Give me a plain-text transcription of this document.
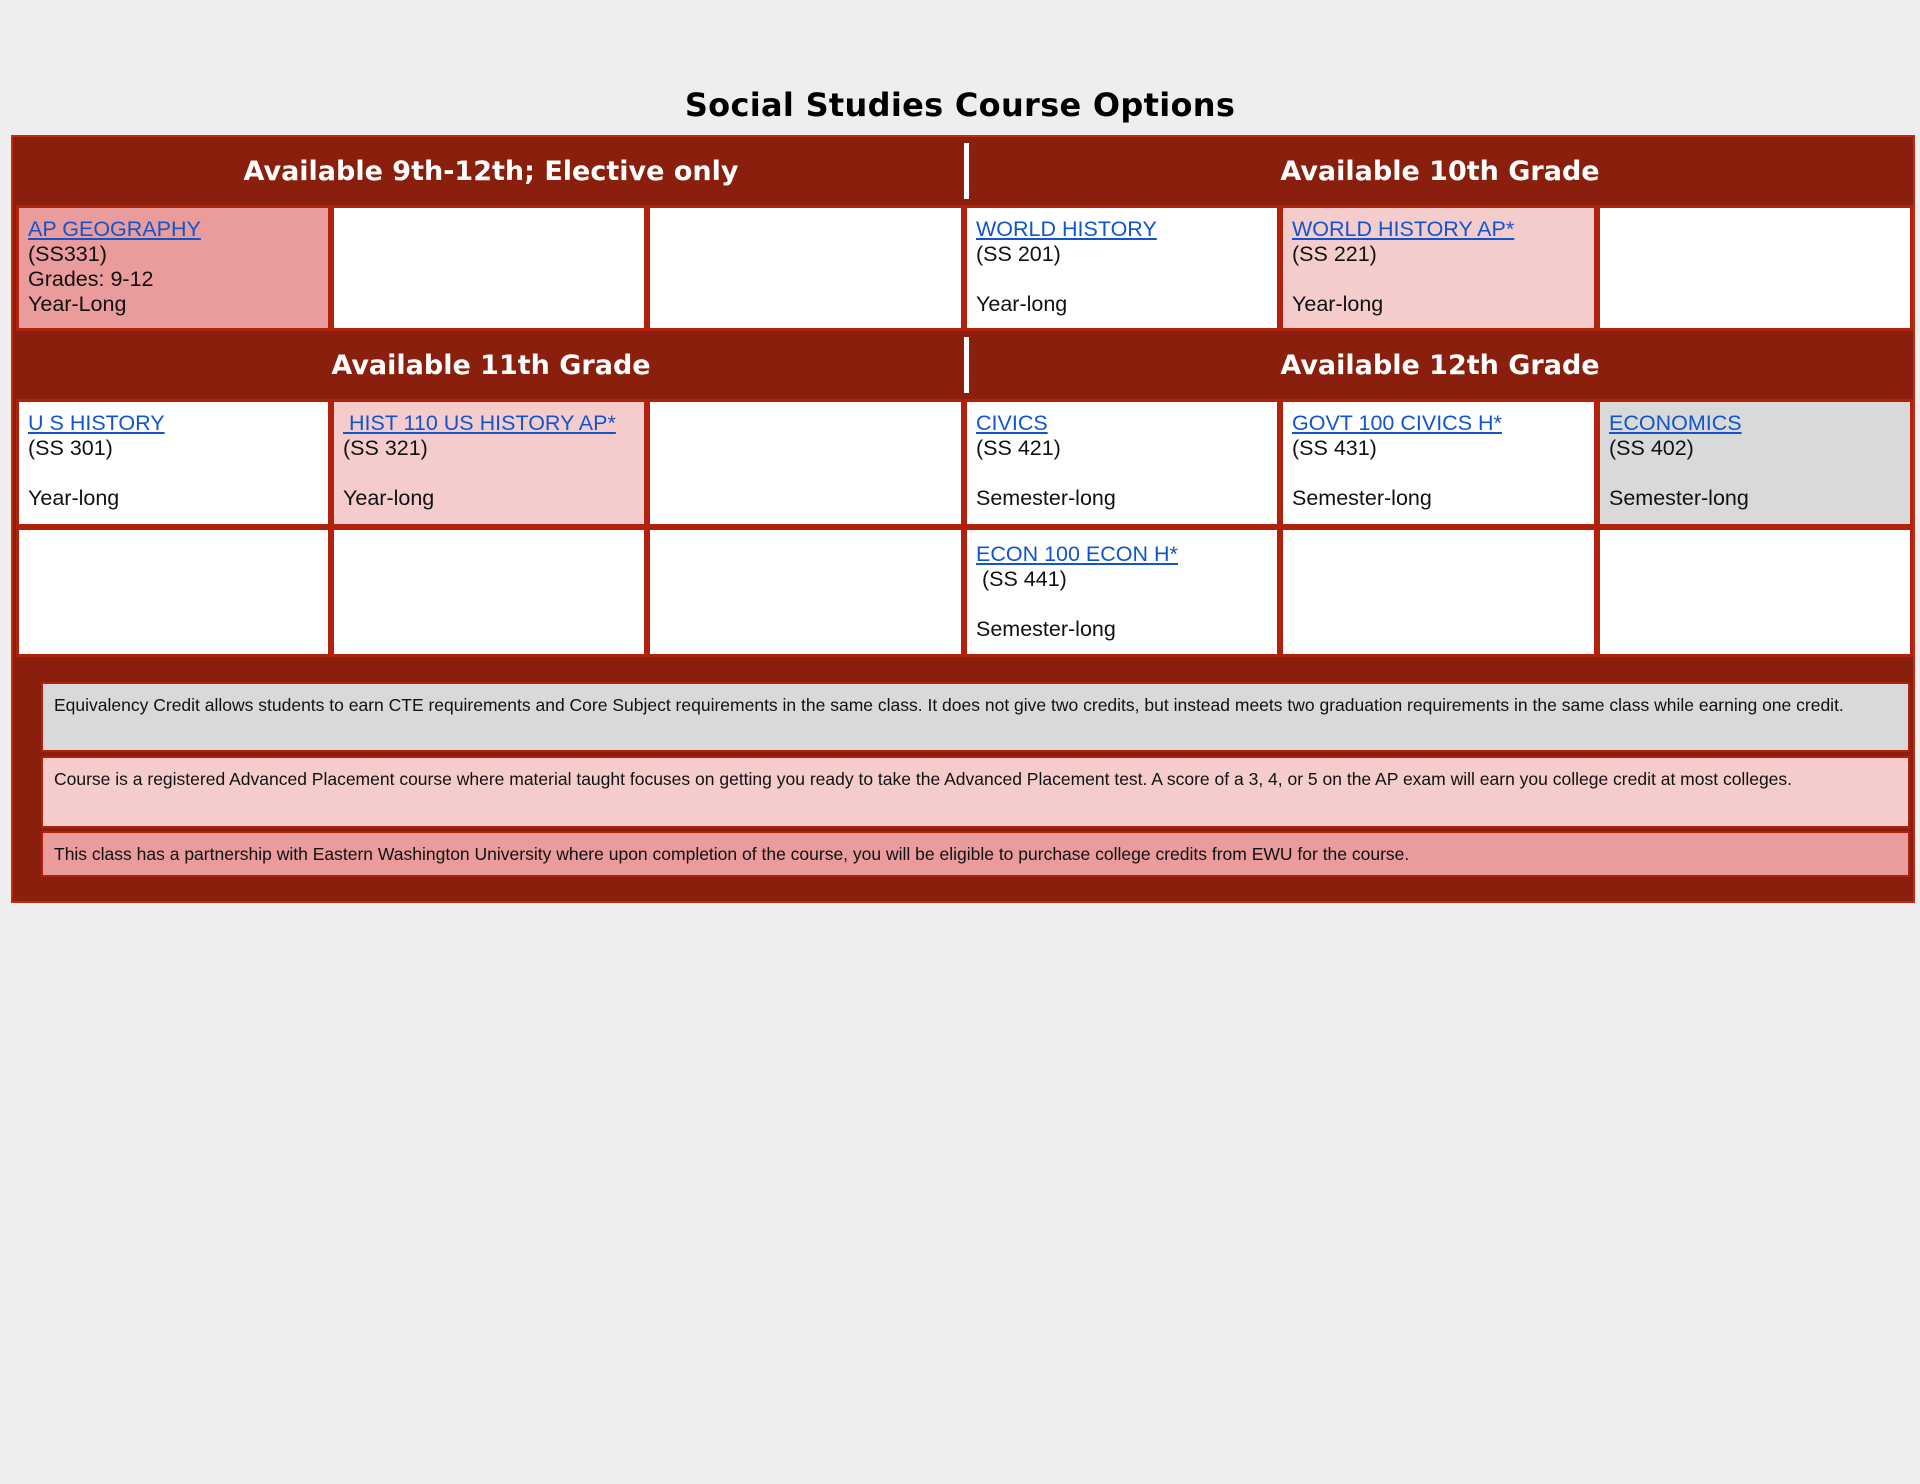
Social Studies Course Options
Available 9th-12th; Elective only	Available 10th Grade
AP GEOGRAPHY
(SS331)
Grades: 9-12
Year-Long
WORLD HISTORY
(SS 201)
Year-long
WORLD HISTORY AP*
(SS 221)
Year-long
Available 11th Grade	Available 12th Grade
U S HISTORY
(SS 301)
Year-long
HIST 110 US HISTORY AP*
(SS 321)
Year-long
CIVICS
(SS 421)
Semester-long
GOVT 100 CIVICS H*
(SS 431)
Semester-long
ECONOMICS
(SS 402)
Semester-long
ECON 100 ECON H*
(SS 441)
Semester-long
Equivalency Credit allows students to earn CTE requirements and Core Subject requirements in the same class. It does not give two credits, but instead meets two graduation requirements in the same class while earning one credit.
Course is a registered Advanced Placement course where material taught focuses on getting you ready to take the Advanced Placement test. A score of a 3, 4, or 5 on the AP exam will earn you college credit at most colleges.
This class has a partnership with Eastern Washington University where upon completion of the course, you will be eligible to purchase college credits from EWU for the course.
